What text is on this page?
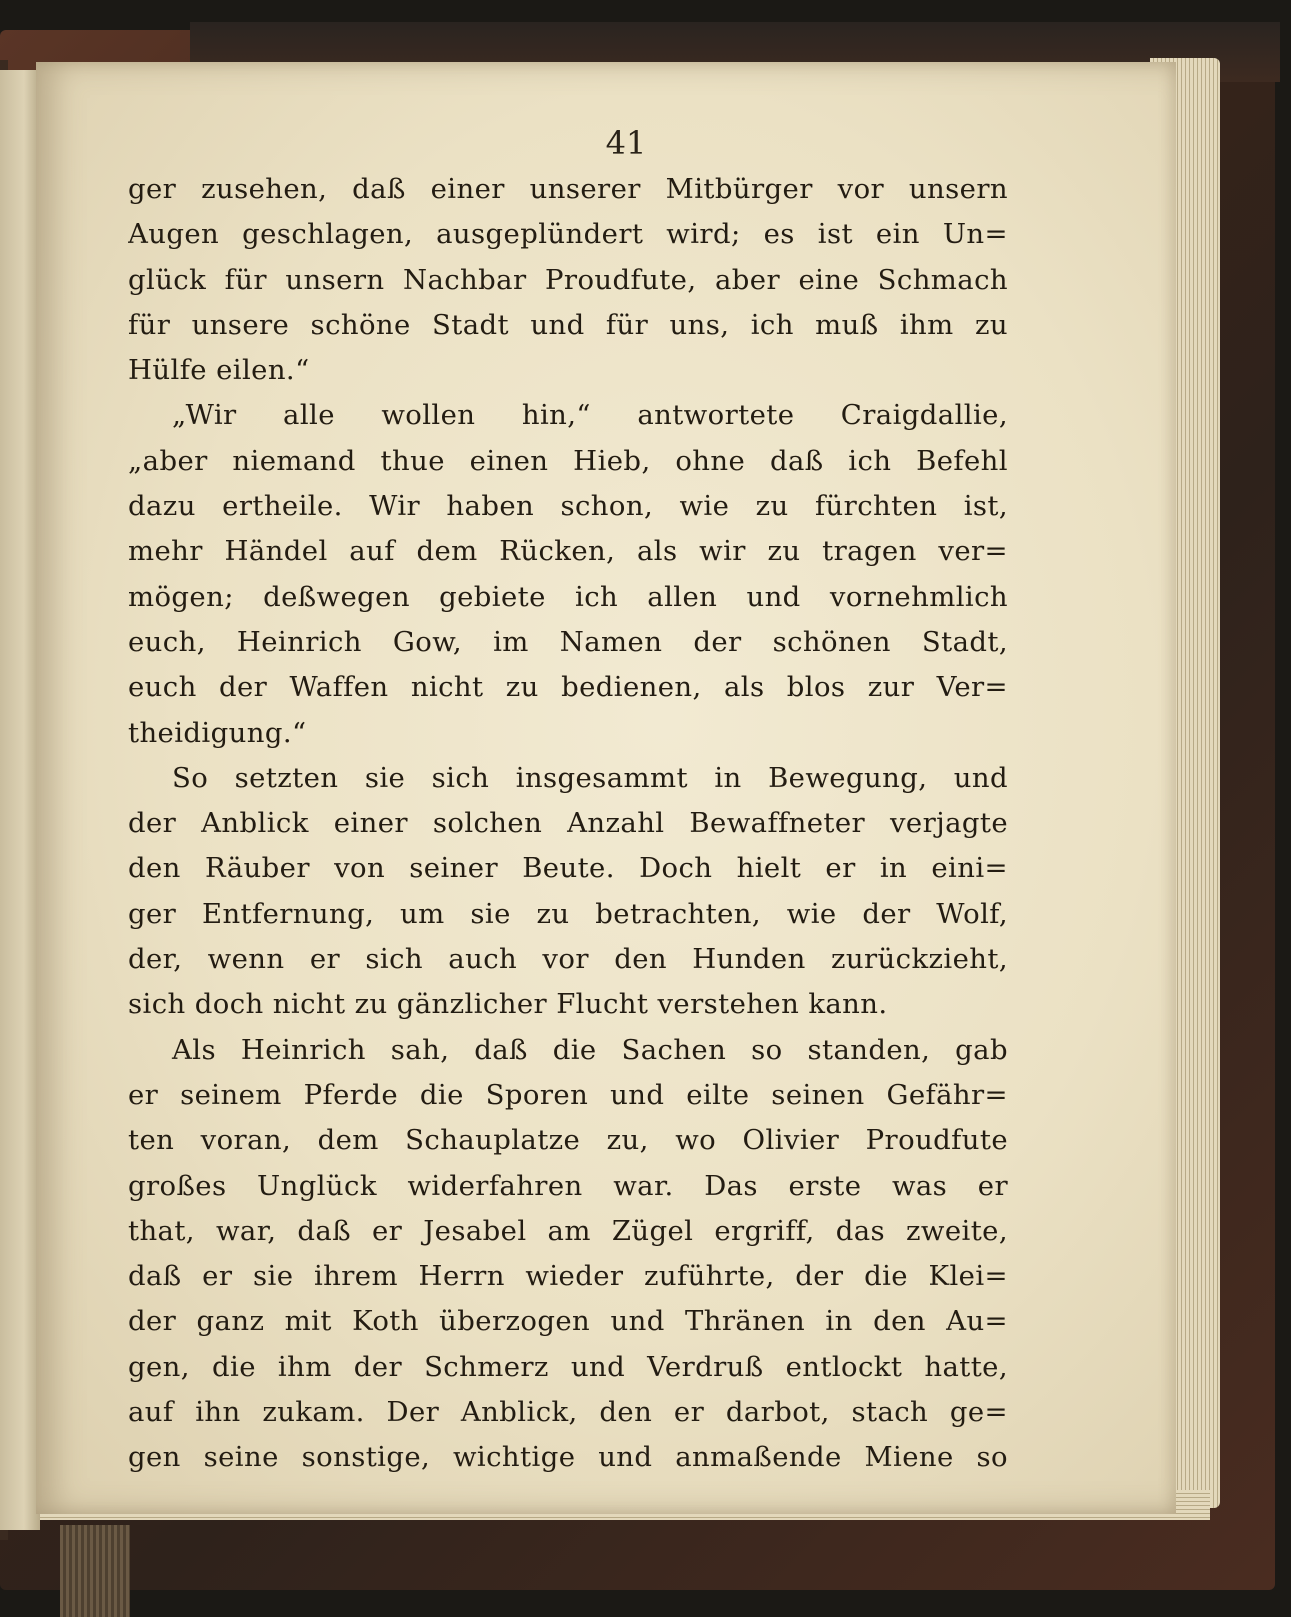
41
ger zusehen, daß einer unserer Mitbürger vor unsern
Augen geschlagen, ausgeplündert wird; es ist ein Un=
glück für unsern Nachbar Proudfute, aber eine Schmach
für unsere schöne Stadt und für uns, ich muß ihm zu
Hülfe eilen.“
„Wir alle wollen hin,“ antwortete Craigdallie,
„aber niemand thue einen Hieb, ohne daß ich Befehl
dazu ertheile. Wir haben schon, wie zu fürchten ist,
mehr Händel auf dem Rücken, als wir zu tragen ver=
mögen; deßwegen gebiete ich allen und vornehmlich
euch, Heinrich Gow, im Namen der schönen Stadt,
euch der Waffen nicht zu bedienen, als blos zur Ver=
theidigung.“
So setzten sie sich insgesammt in Bewegung, und
der Anblick einer solchen Anzahl Bewaffneter verjagte
den Räuber von seiner Beute. Doch hielt er in eini=
ger Entfernung, um sie zu betrachten, wie der Wolf,
der, wenn er sich auch vor den Hunden zurückzieht,
sich doch nicht zu gänzlicher Flucht verstehen kann.
Als Heinrich sah, daß die Sachen so standen, gab
er seinem Pferde die Sporen und eilte seinen Gefähr=
ten voran, dem Schauplatze zu, wo Olivier Proudfute
großes Unglück widerfahren war. Das erste was er
that, war, daß er Jesabel am Zügel ergriff, das zweite,
daß er sie ihrem Herrn wieder zuführte, der die Klei=
der ganz mit Koth überzogen und Thränen in den Au=
gen, die ihm der Schmerz und Verdruß entlockt hatte,
auf ihn zukam. Der Anblick, den er darbot, stach ge=
gen seine sonstige, wichtige und anmaßende Miene so
